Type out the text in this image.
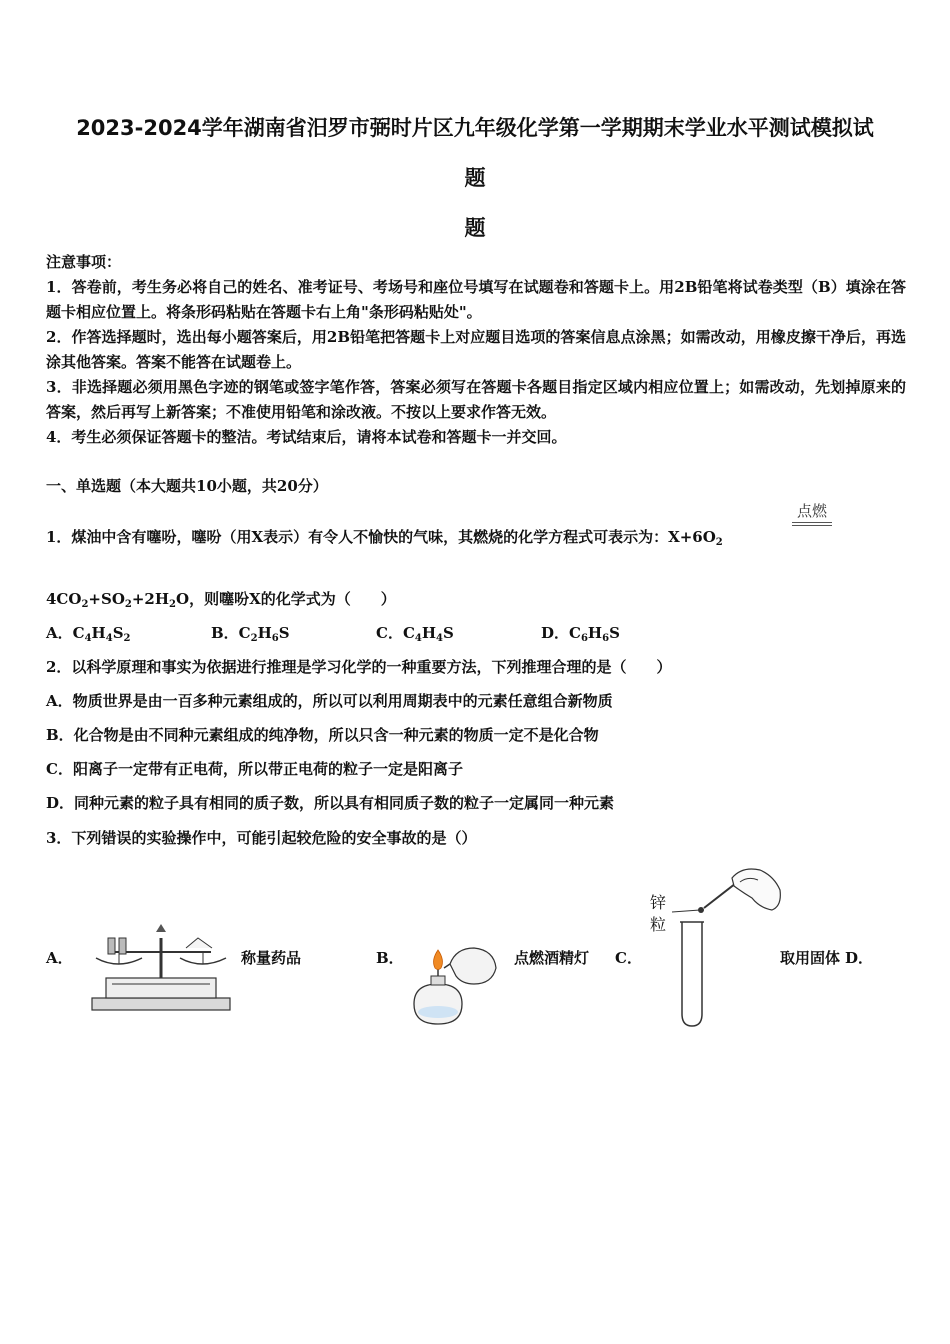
2023-2024学年湖南省汨罗市弼时片区九年级化学第一学期期末学业水平测试模拟试
题
题

注意事项：

1．答卷前，考生务必将自己的姓名、准考证号、考场号和座位号填写在试题卷和答题卡上。用2B铅笔将试卷类型（B）填涂在答题卡相应位置上。将条形码粘贴在答题卡右上角"条形码粘贴处"。

2．作答选择题时，选出每小题答案后，用2B铅笔把答题卡上对应题目选项的答案信息点涂黑；如需改动，用橡皮擦干净后，再选涂其他答案。答案不能答在试题卷上。

3．非选择题必须用黑色字迹的钢笔或签字笔作答，答案必须写在答题卡各题目指定区域内相应位置上；如需改动，先划掉原来的答案，然后再写上新答案；不准使用铅笔和涂改液。不按以上要求作答无效。

4．考生必须保证答题卡的整洁。考试结束后，请将本试卷和答题卡一并交回。

一、单选题（本大题共10小题，共20分）
1．煤油中含有噻吩，噻吩（用X表示）有令人不愉快的气味，其燃烧的化学方程式可表示为：$X+6O_2$
点燃
$4CO_2+SO_2+2H_2O$，则噻吩X的化学式为（　　）
A．$C_4H_4S_2$	B．$C_2H_6S$	C．$C_4H_4S$	D．$C_6H_6S$
2．以科学原理和事实为依据进行推理是学习化学的一种重要方法，下列推理合理的是（　　）
A．物质世界是由一百多种元素组成的，所以可以利用周期表中的元素任意组合新物质
B．化合物是由不同种元素组成的纯净物，所以只含一种元素的物质一定不是化合物
C．阳离子一定带有正电荷，所以带正电荷的粒子一定是阳离子
D．同种元素的粒子具有相同的质子数，所以具有相同质子数的粒子一定属同一种元素
3．下列错误的实验操作中，可能引起较危险的安全事故的是（）
A．	称量药品	B．	点燃酒精灯 C．
锌
粒
取用固体 D．
